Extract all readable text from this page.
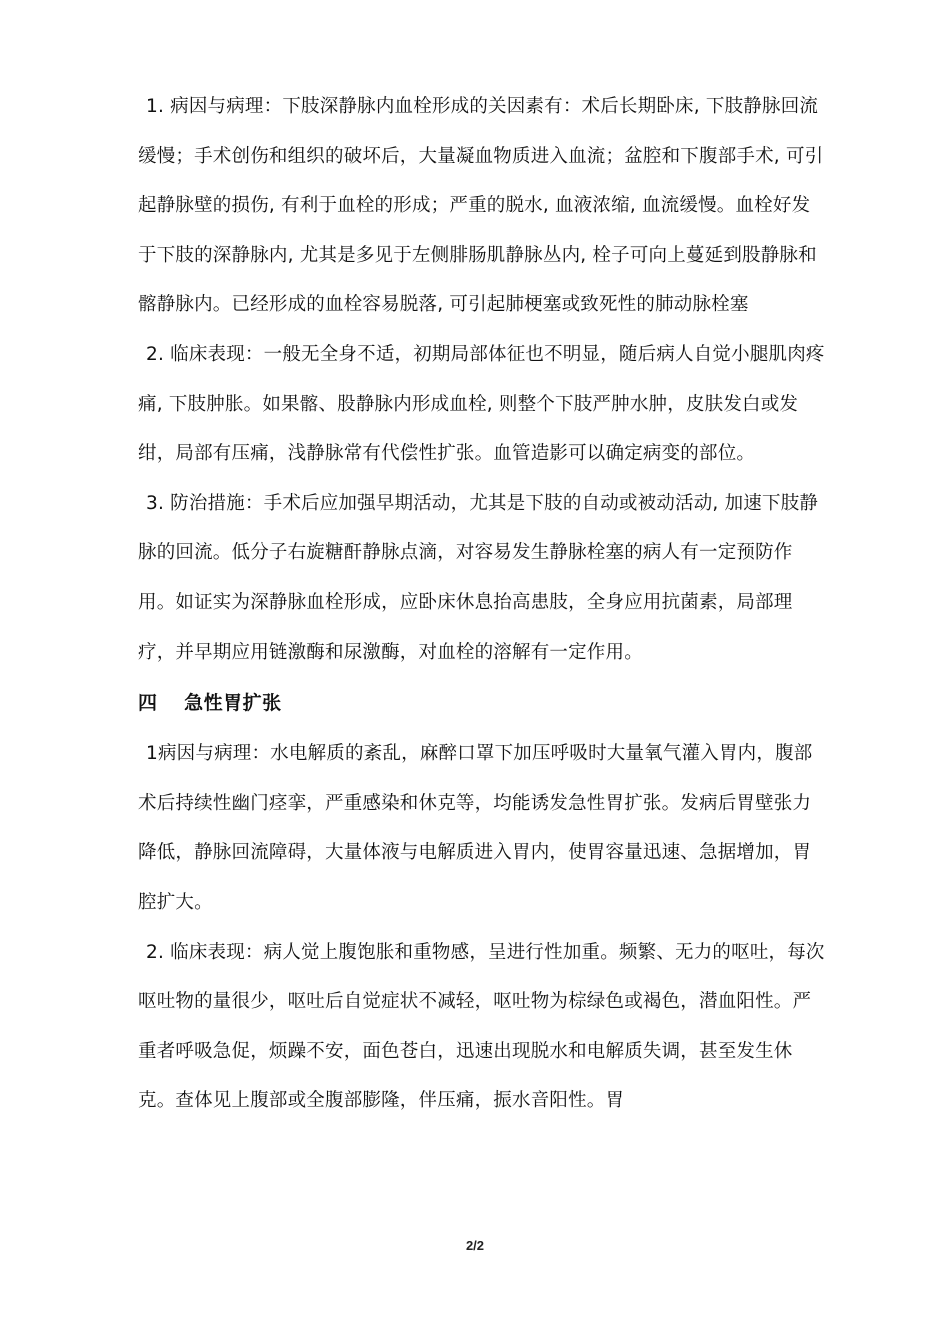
1. 病因与病理：下肢深静脉内血栓形成的关因素有：术后长期卧床, 下肢静脉回流缓慢；手术创伤和组织的破坏后，大量凝血物质进入血流；盆腔和下腹部手术, 可引起静脉壁的损伤, 有利于血栓的形成；严重的脱水, 血液浓缩, 血流缓慢。血栓好发于下肢的深静脉内, 尤其是多见于左侧腓肠肌静脉丛内, 栓子可向上蔓延到股静脉和髂静脉内。已经形成的血栓容易脱落, 可引起肺梗塞或致死性的肺动脉栓塞

2. 临床表现：一般无全身不适，初期局部体征也不明显，随后病人自觉小腿肌肉疼痛, 下肢肿胀。如果髂、股静脉内形成血栓, 则整个下肢严肿水肿，皮肤发白或发绀，局部有压痛，浅静脉常有代偿性扩张。血管造影可以确定病变的部位。

3. 防治措施：手术后应加强早期活动，尤其是下肢的自动或被动活动, 加速下肢静脉的回流。低分子右旋糖酐静脉点滴，对容易发生静脉栓塞的病人有一定预防作用。如证实为深静脉血栓形成，应卧床休息抬高患肢，全身应用抗菌素，局部理疗，并早期应用链激酶和尿激酶，对血栓的溶解有一定作用。

四　 急性胃扩张

1病因与病理：水电解质的紊乱，麻醉口罩下加压呼吸时大量氧气灌入胃内，腹部术后持续性幽门痉挛，严重感染和休克等，均能诱发急性胃扩张。发病后胃壁张力降低，静脉回流障碍，大量体液与电解质进入胃内，使胃容量迅速、急据增加，胃腔扩大。

2. 临床表现：病人觉上腹饱胀和重物感，呈进行性加重。频繁、无力的呕吐，每次呕吐物的量很少，呕吐后自觉症状不减轻，呕吐物为棕绿色或褐色，潜血阳性。严重者呼吸急促，烦躁不安，面色苍白，迅速出现脱水和电解质失调，甚至发生休克。查体见上腹部或全腹部膨隆，伴压痛，振水音阳性。胃

2/2
